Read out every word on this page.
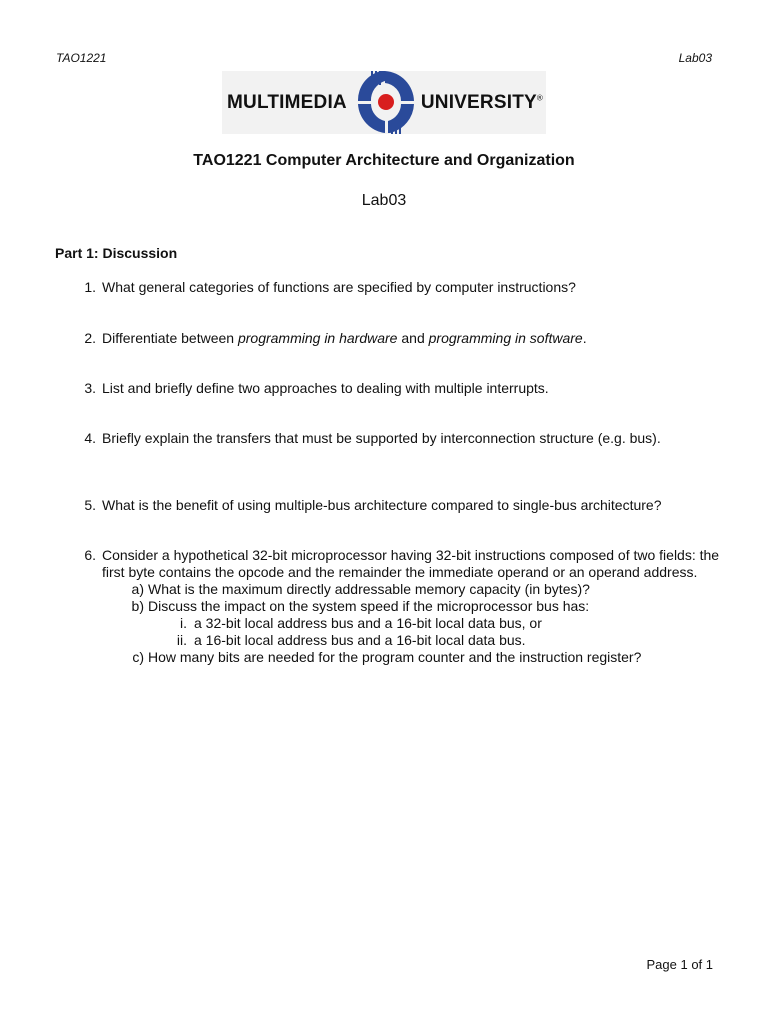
TAO1221	Lab03
MULTIMEDIA	UNIVERSITY®
TAO1221 Computer Architecture and Organization
Lab03
Part 1: Discussion
1. What general categories of functions are specified by computer instructions?
2. Differentiate between programming in hardware and programming in software.
3. List and briefly define two approaches to dealing with multiple interrupts.
4. Briefly explain the transfers that must be supported by interconnection structure (e.g. bus).
5. What is the benefit of using multiple-bus architecture compared to single-bus architecture?
6. Consider a hypothetical 32-bit microprocessor having 32-bit instructions composed of two fields: the first byte contains the opcode and the remainder the immediate operand or an operand address.
a) What is the maximum directly addressable memory capacity (in bytes)?
b) Discuss the impact on the system speed if the microprocessor bus has:
i. a 32-bit local address bus and a 16-bit local data bus, or
ii. a 16-bit local address bus and a 16-bit local data bus.
c) How many bits are needed for the program counter and the instruction register?
Page 1 of 1
